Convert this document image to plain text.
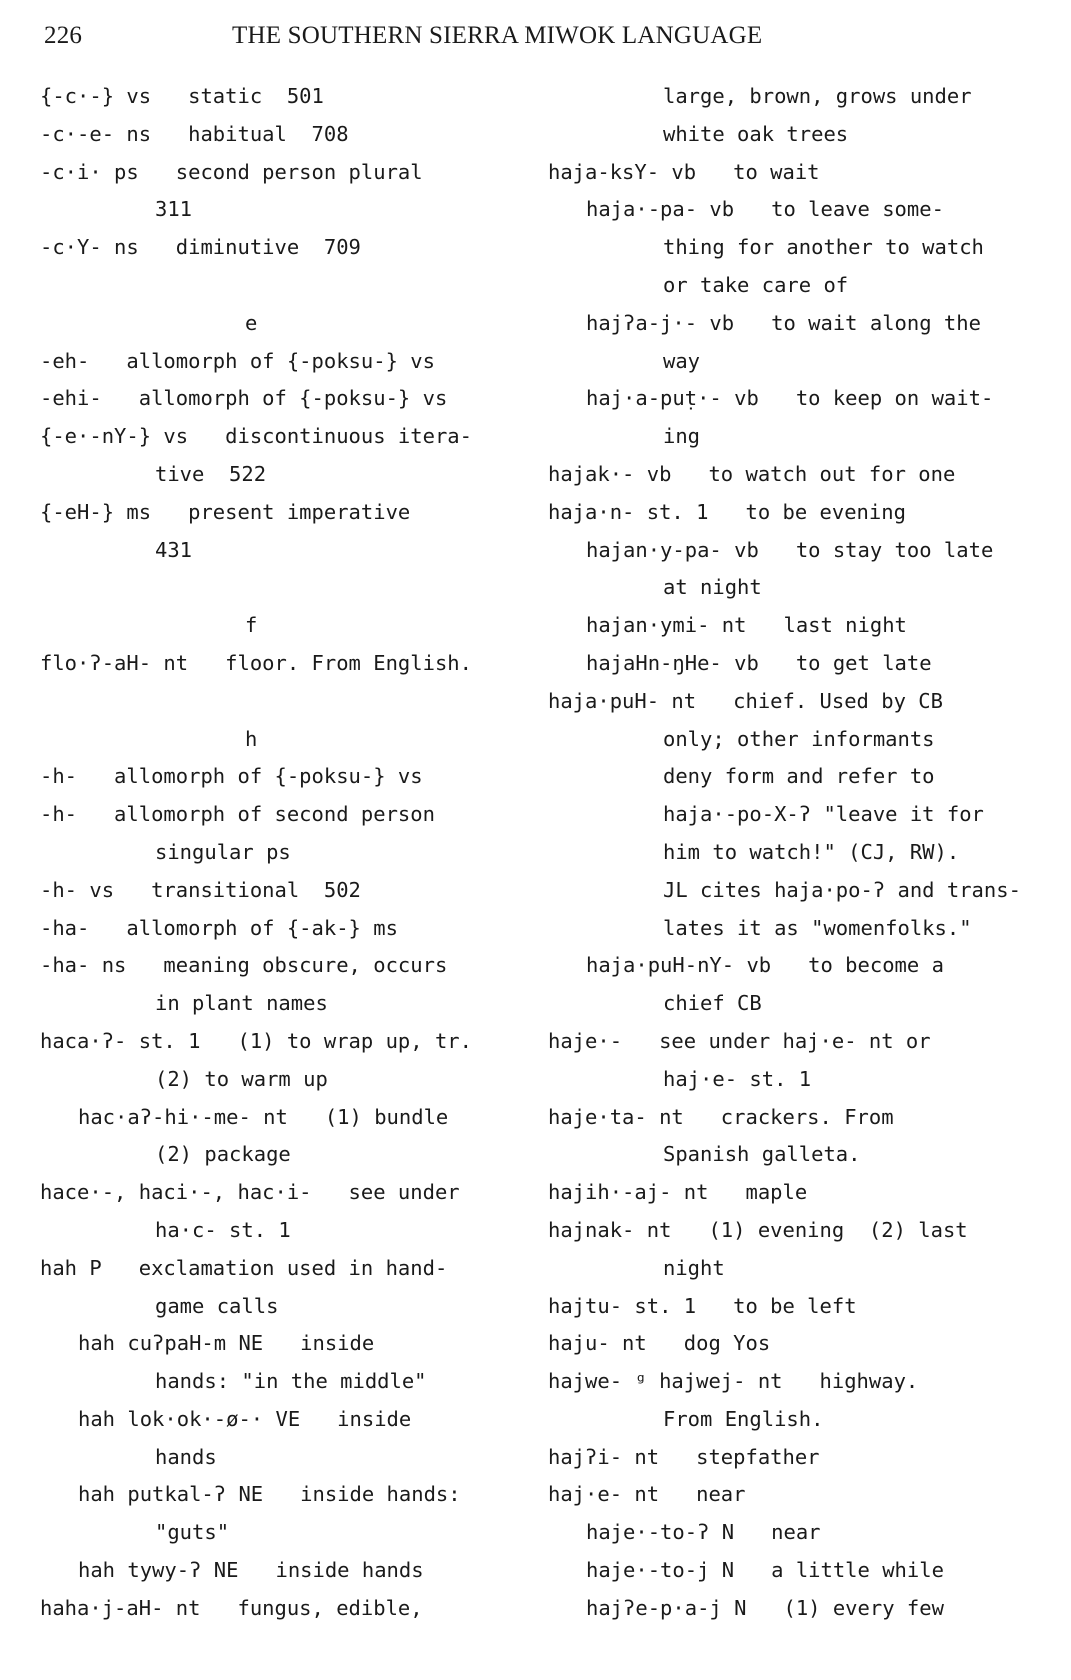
226	THE SOUTHERN SIERRA MIWOK LANGUAGE
{-c·-} vs   static  501
-c·-e- ns   habitual  708
-c·i· ps   second person plural
311
-c·Y- ns   diminutive  709
e
-eh-   allomorph of {-poksu-} vs
-ehi-   allomorph of {-poksu-} vs
{-e·-nY-} vs   discontinuous itera-
tive  522
{-eH-} ms   present imperative
431
f
flo·ʔ-aH- nt   floor. From English.
h
-h-   allomorph of {-poksu-} vs
-h-   allomorph of second person
singular ps
-h- vs   transitional  502
-ha-   allomorph of {-ak-} ms
-ha- ns   meaning obscure, occurs
in plant names
haca·ʔ- st. 1   (1) to wrap up, tr.
(2) to warm up
hac·aʔ-hi·-me- nt   (1) bundle
(2) package
hace·-, haci·-, hac·i-   see under
ha·c- st. 1
hah P   exclamation used in hand-
game calls
hah cuʔpaH-m NE   inside
hands: "in the middle"
hah lok·ok·-ø-· VE   inside
hands
hah putkal-ʔ NE   inside hands:
"guts"
hah tywy-ʔ NE   inside hands
haha·j-aH- nt   fungus, edible,
large, brown, grows under
white oak trees
haja-ksY- vb   to wait
haja·-pa- vb   to leave some-
thing for another to watch
or take care of
hajʔa-j·- vb   to wait along the
way
haj·a-puṭ·- vb   to keep on wait-
ing
hajak·- vb   to watch out for one
haja·n- st. 1   to be evening
hajan·y-pa- vb   to stay too late
at night
hajan·ymi- nt   last night
hajaHn-ŋHe- vb   to get late
haja·puH- nt   chief. Used by CB
only; other informants
deny form and refer to
haja·-po-X-ʔ "leave it for
him to watch!" (CJ, RW).
JL cites haja·po-ʔ and trans-
lates it as "womenfolks."
haja·puH-nY- vb   to become a
chief CB
haje·-   see under haj·e- nt or
haj·e- st. 1
haje·ta- nt   crackers. From
Spanish galleta.
hajih·-aj- nt   maple
hajnak- nt   (1) evening  (2) last
night
hajtu- st. 1   to be left
haju- nt   dog Yos
hajwe- ᵍ hajwej- nt   highway.
From English.
hajʔi- nt   stepfather
haj·e- nt   near
haje·-to-ʔ N   near
haje·-to-j N   a little while
hajʔe-p·a-j N   (1) every few
